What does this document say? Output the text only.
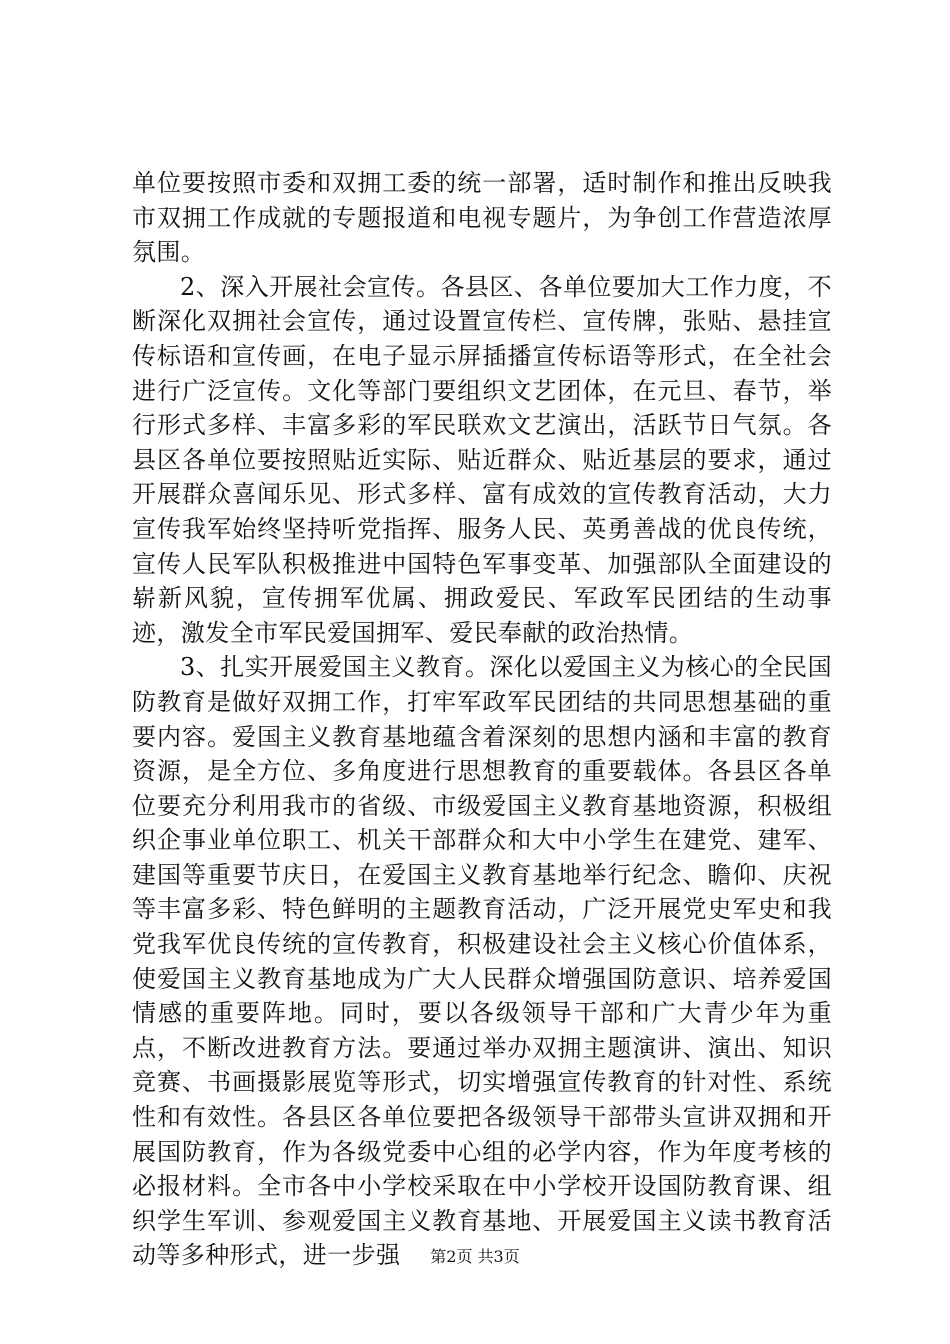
单位要按照市委和双拥工委的统一部署，适时制作和推出反映我市双拥工作成就的专题报道和电视专题片，为争创工作营造浓厚氛围。

2、深入开展社会宣传。各县区、各单位要加大工作力度，不断深化双拥社会宣传，通过设置宣传栏、宣传牌，张贴、悬挂宣传标语和宣传画，在电子显示屏插播宣传标语等形式，在全社会进行广泛宣传。文化等部门要组织文艺团体，在元旦、春节，举行形式多样、丰富多彩的军民联欢文艺演出，活跃节日气氛。各县区各单位要按照贴近实际、贴近群众、贴近基层的要求，通过开展群众喜闻乐见、形式多样、富有成效的宣传教育活动，大力宣传我军始终坚持听党指挥、服务人民、英勇善战的优良传统，宣传人民军队积极推进中国特色军事变革、加强部队全面建设的崭新风貌，宣传拥军优属、拥政爱民、军政军民团结的生动事迹，激发全市军民爱国拥军、爱民奉献的政治热情。

3、扎实开展爱国主义教育。深化以爱国主义为核心的全民国防教育是做好双拥工作，打牢军政军民团结的共同思想基础的重要内容。爱国主义教育基地蕴含着深刻的思想内涵和丰富的教育资源，是全方位、多角度进行思想教育的重要载体。各县区各单位要充分利用我市的省级、市级爱国主义教育基地资源，积极组织企事业单位职工、机关干部群众和大中小学生在建党、建军、建国等重要节庆日，在爱国主义教育基地举行纪念、瞻仰、庆祝等丰富多彩、特色鲜明的主题教育活动，广泛开展党史军史和我党我军优良传统的宣传教育，积极建设社会主义核心价值体系，使爱国主义教育基地成为广大人民群众增强国防意识、培养爱国情感的重要阵地。同时，要以各级领导干部和广大青少年为重点，不断改进教育方法。要通过举办双拥主题演讲、演出、知识竞赛、书画摄影展览等形式，切实增强宣传教育的针对性、系统性和有效性。各县区各单位要把各级领导干部带头宣讲双拥和开展国防教育，作为各级党委中心组的必学内容，作为年度考核的必报材料。全市各中小学校采取在中小学校开设国防教育课、组织学生军训、参观爱国主义教育基地、开展爱国主义读书教育活动等多种形式，进一步强	第2页 共3页
